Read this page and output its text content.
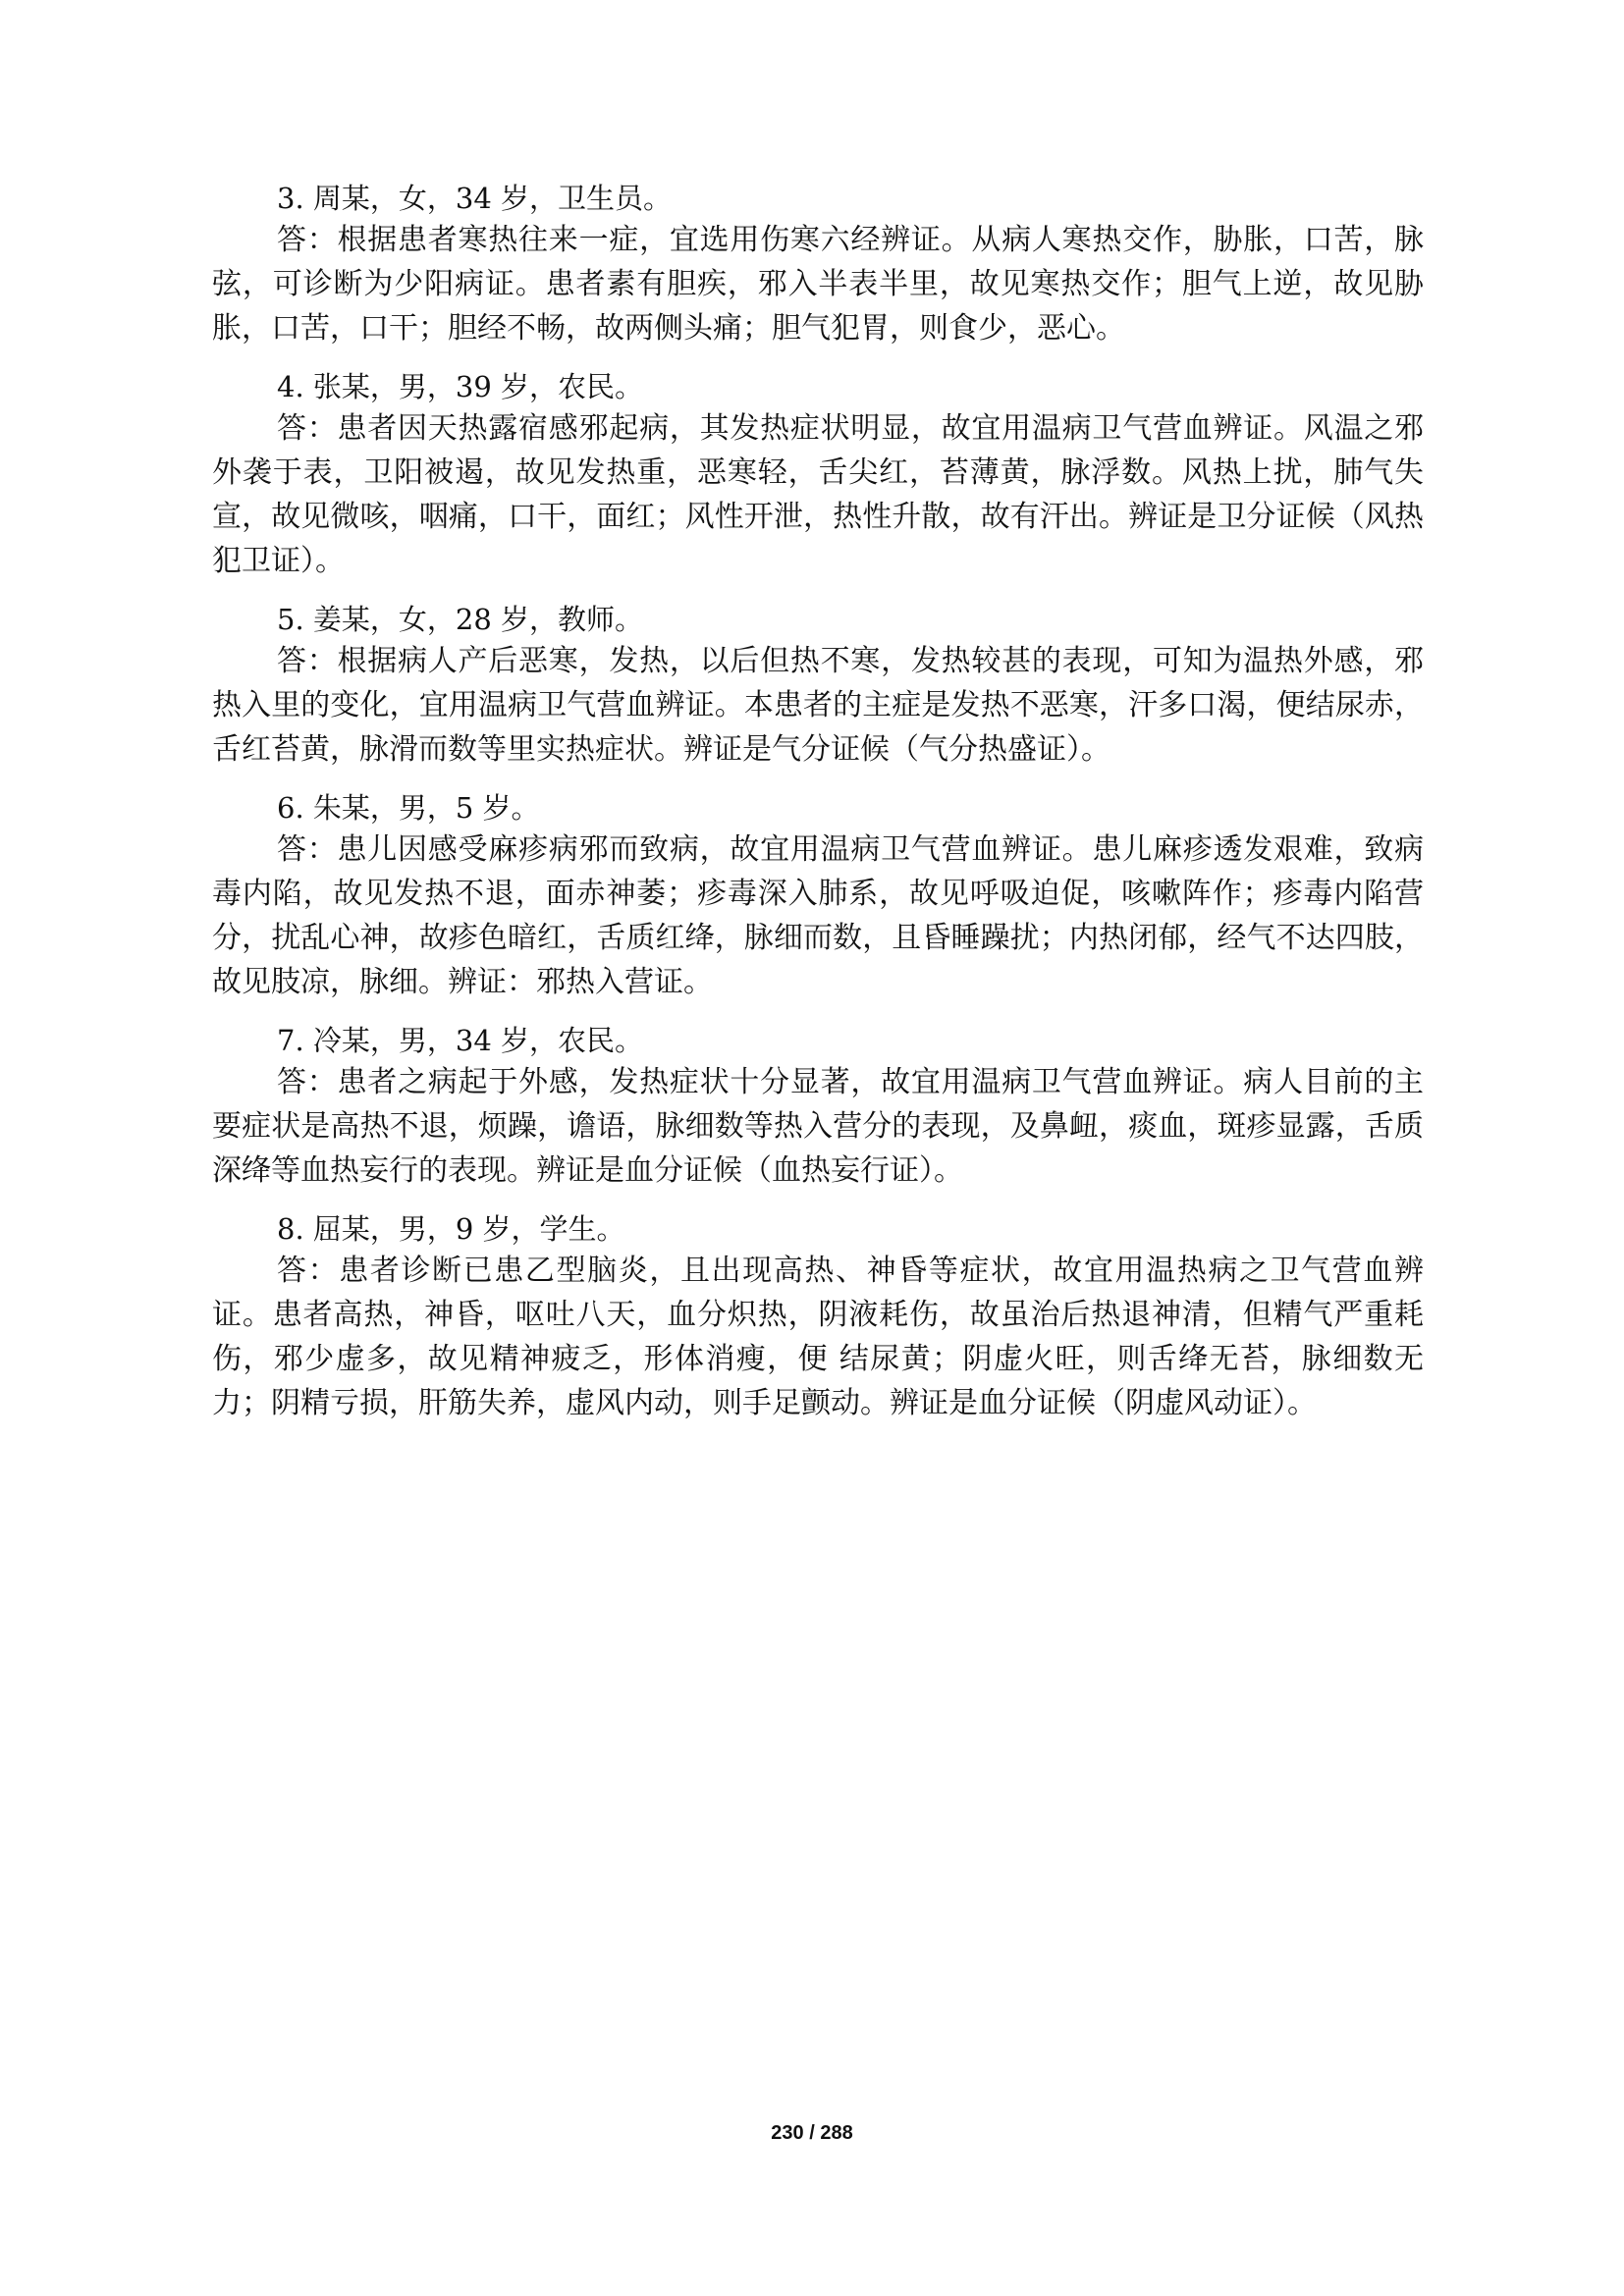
3. 周某，女，34 岁，卫生员。

答：根据患者寒热往来一症，宜选用伤寒六经辨证。从病人寒热交作，胁胀，口苦，脉弦，可诊断为少阳病证。患者素有胆疾，邪入半表半里，故见寒热交作；胆气上逆，故见胁胀，口苦，口干；胆经不畅，故两侧头痛；胆气犯胃，则食少，恶心。

4. 张某，男，39 岁，农民。

答：患者因天热露宿感邪起病，其发热症状明显，故宜用温病卫气营血辨证。风温之邪外袭于表，卫阳被遏，故见发热重，恶寒轻，舌尖红，苔薄黄，脉浮数。风热上扰，肺气失宣，故见微咳，咽痛，口干，面红；风性开泄，热性升散，故有汗出。辨证是卫分证候（风热犯卫证）。

5. 姜某，女，28 岁，教师。

答：根据病人产后恶寒，发热，以后但热不寒，发热较甚的表现，可知为温热外感，邪热入里的变化，宜用温病卫气营血辨证。本患者的主症是发热不恶寒，汗多口渴，便结尿赤，舌红苔黄，脉滑而数等里实热症状。辨证是气分证候（气分热盛证）。

6. 朱某，男，5 岁。

答：患儿因感受麻疹病邪而致病，故宜用温病卫气营血辨证。患儿麻疹透发艰难，致病毒内陷，故见发热不退，面赤神萎；疹毒深入肺系，故见呼吸迫促，咳嗽阵作；疹毒内陷营分，扰乱心神，故疹色暗红，舌质红绛，脉细而数，且昏睡躁扰；内热闭郁，经气不达四肢，故见肢凉，脉细。辨证：邪热入营证。

7. 冷某，男，34 岁，农民。

答：患者之病起于外感，发热症状十分显著，故宜用温病卫气营血辨证。病人目前的主要症状是高热不退，烦躁，谵语，脉细数等热入营分的表现，及鼻衄，痰血，斑疹显露，舌质深绛等血热妄行的表现。辨证是血分证候（血热妄行证）。

8. 屈某，男，9 岁，学生。

答：患者诊断已患乙型脑炎，且出现高热、神昏等症状，故宜用温热病之卫气营血辨证。患者高热，神昏，呕吐八天，血分炽热，阴液耗伤，故虽治后热退神清，但精气严重耗伤，邪少虚多，故见精神疲乏，形体消瘦，便 结尿黄；阴虚火旺，则舌绛无苔，脉细数无力；阴精亏损，肝筋失养，虚风内动，则手足颤动。辨证是血分证候（阴虚风动证）。

230 / 288
